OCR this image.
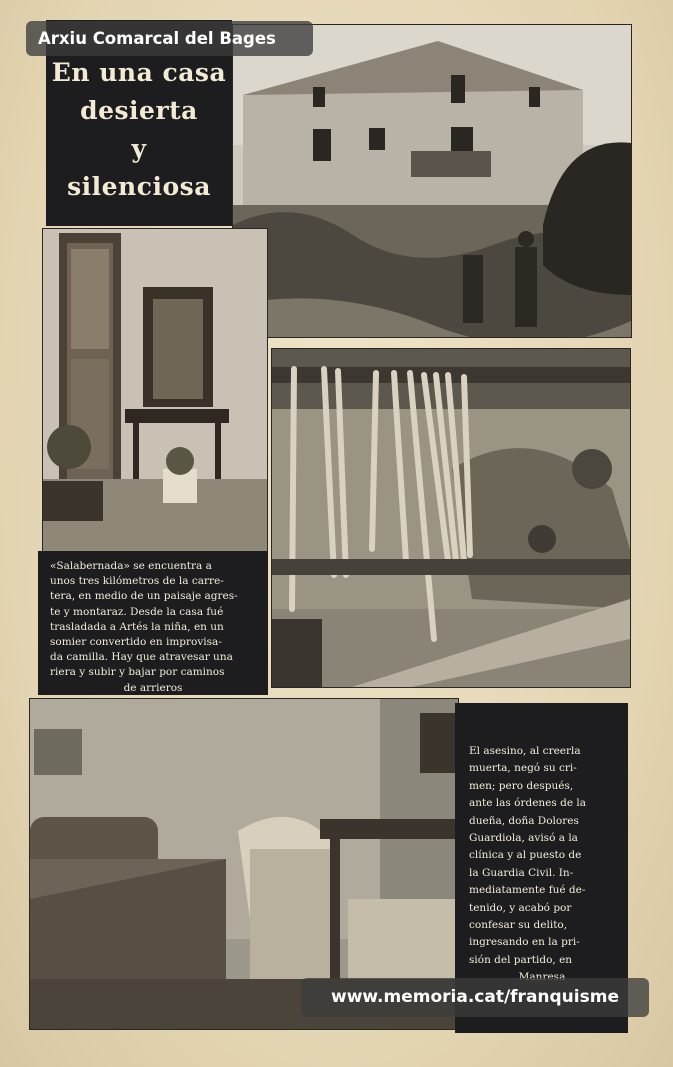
En una casa
desierta
y
silenciosa

«Salabernada» se encuentra a
unos tres kilómetros de la carre-
tera, en medio de un paisaje agres-
te y montaraz. Desde la casa fué
trasladada a Artés la niña, en un
somier convertido en improvisa-
da camilla. Hay que atravesar una
riera y subir y bajar por caminos
de arrieros

El asesino, al creerla
muerta, negó su cri-
men; pero después,
ante las órdenes de la
dueña, doña Dolores
Guardiola, avisó a la
clínica y al puesto de
la Guardia Civil. In-
mediatamente fué de-
tenido, y acabó por
confesar su delito,
ingresando en la pri-
sión del partido, en

Arxiu Comarcal del Bages
www.memoria.cat/franquisme
